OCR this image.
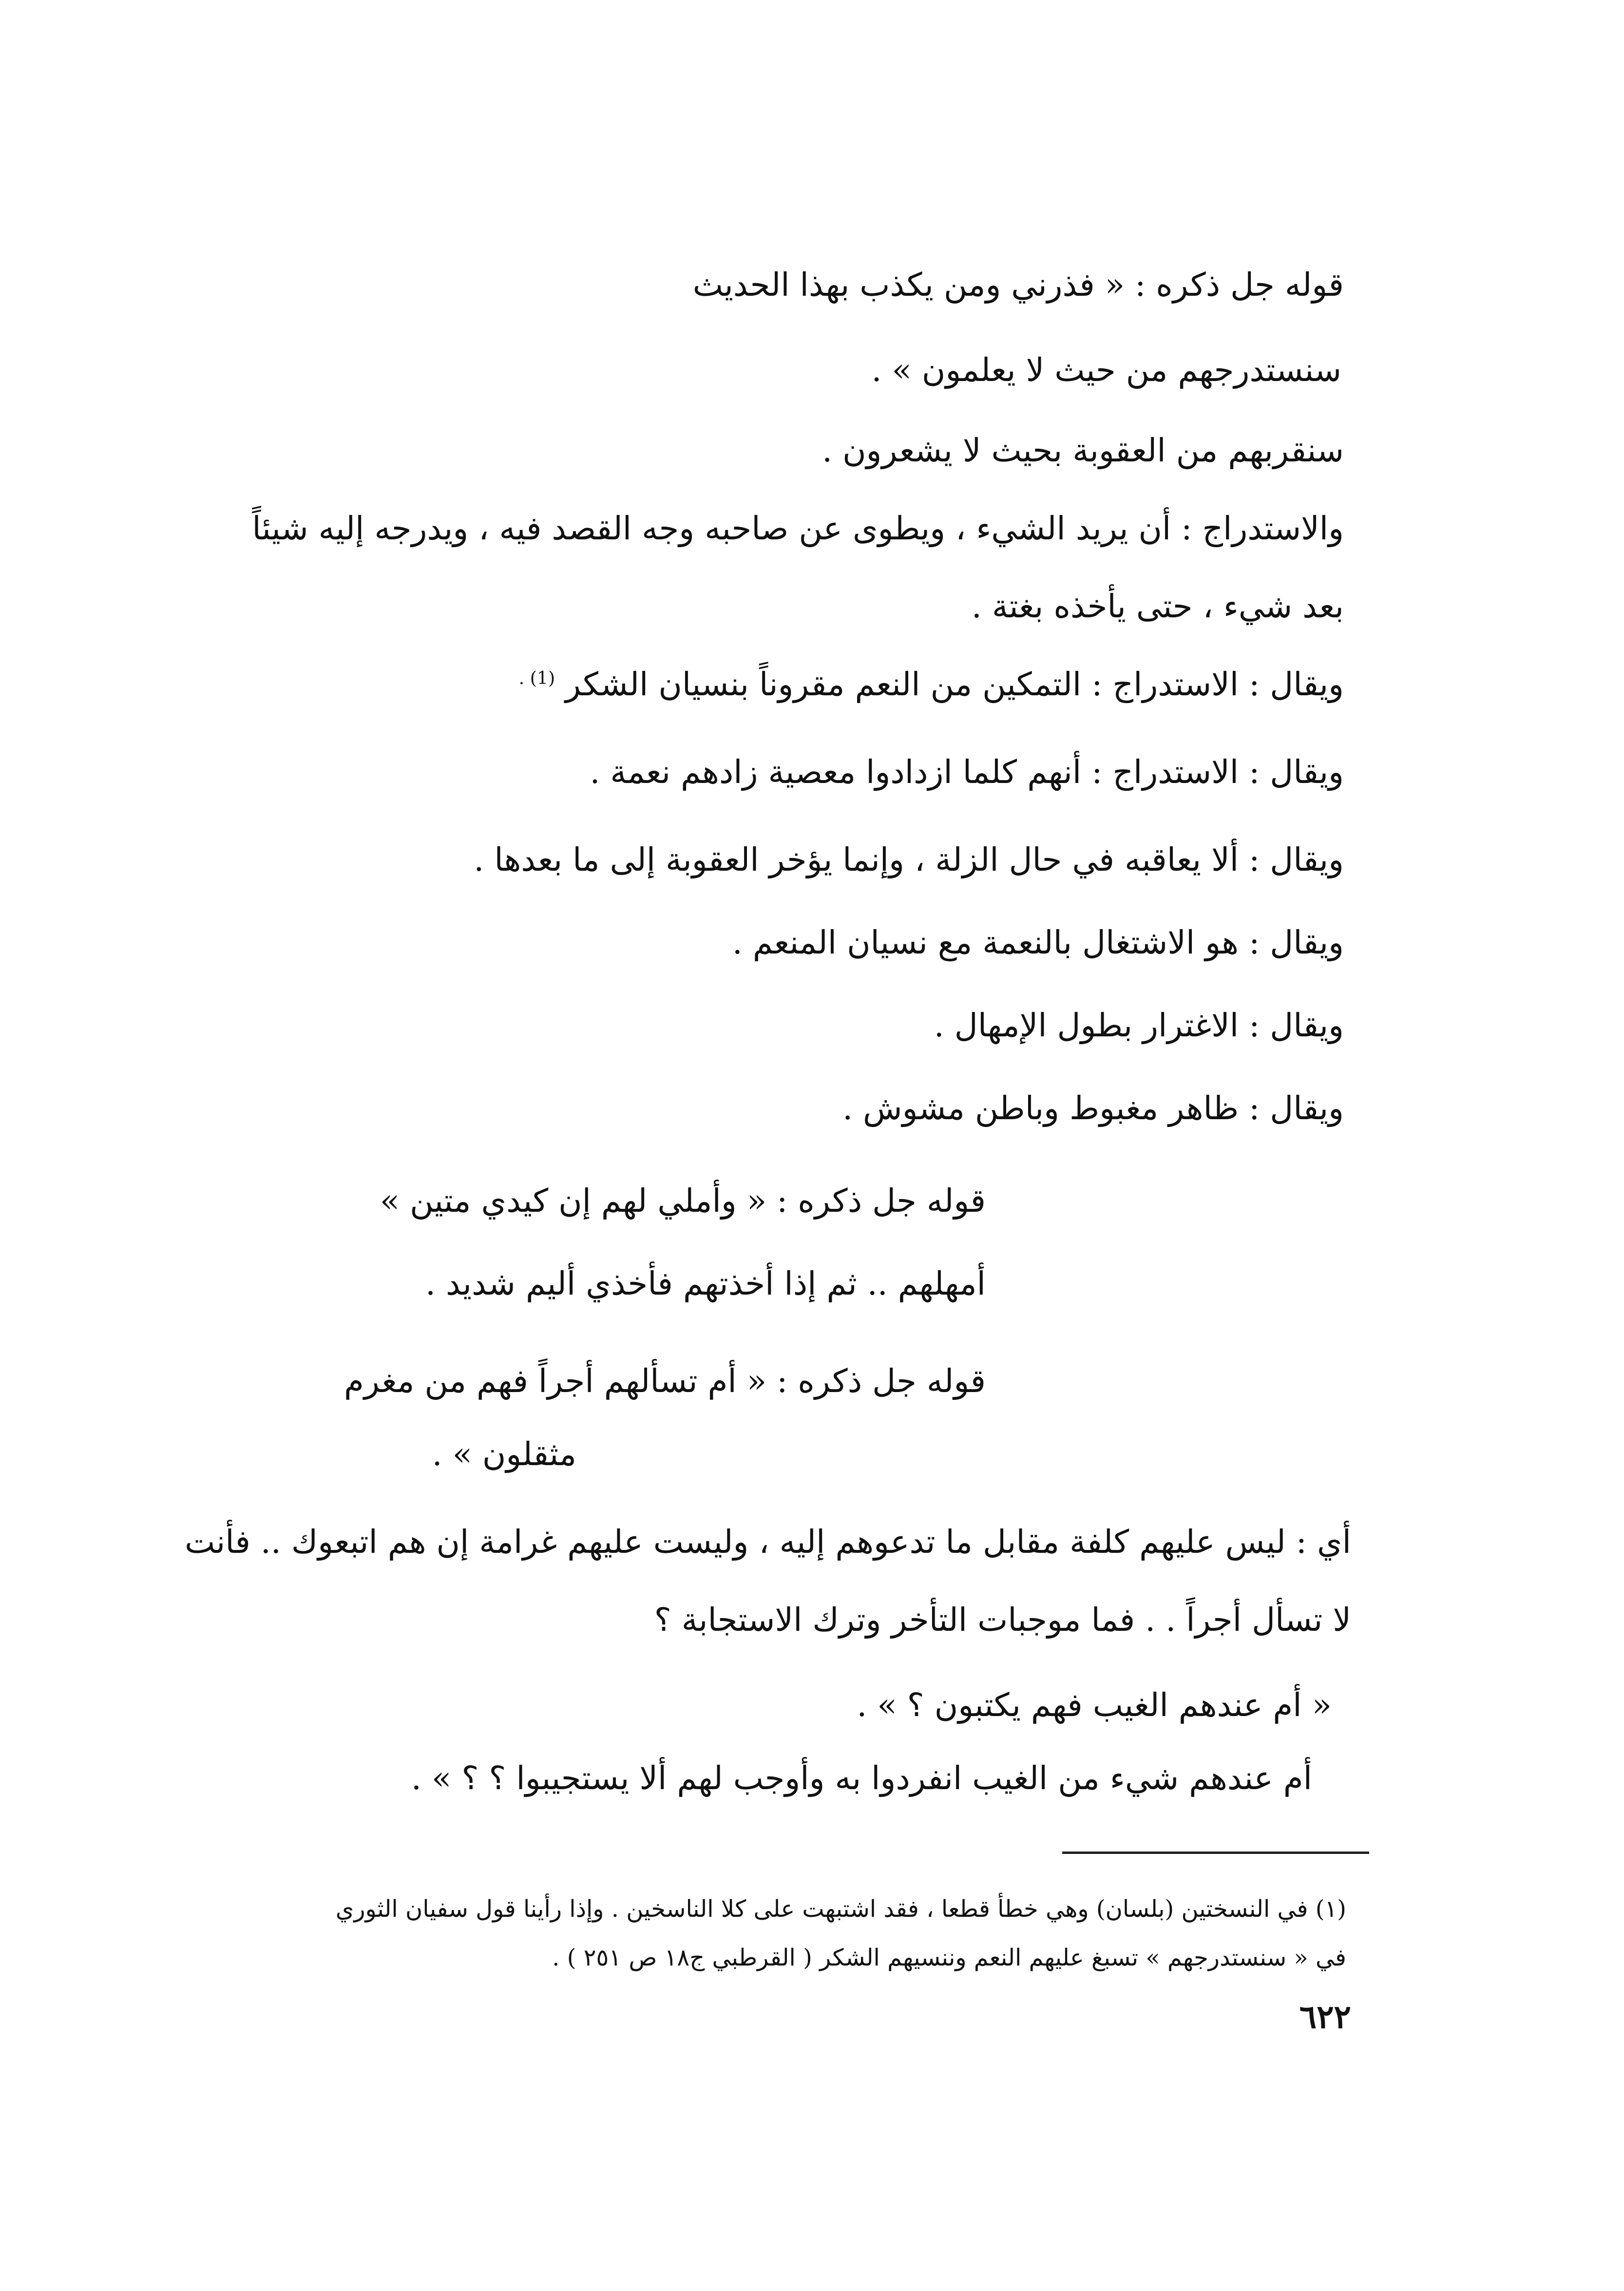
قوله جل ذكره : « فذرني ومن يكذب بهذا الحديث
سنستدرجهم من حيث لا يعلمون » .
سنقربهم من العقوبة بحيث لا يشعرون .
والاستدراج : أن يريد الشيء ، ويطوى عن صاحبه وجه القصد فيه ، ويدرجه إليه شيئاً
بعد شيء ، حتى يأخذه بغتة .
ويقال : الاستدراج : التمكين من النعم مقروناً بنسيان الشكر $^{(1) .}$
ويقال : الاستدراج : أنهم كلما ازدادوا معصية زادهم نعمة .
ويقال : ألا يعاقبه في حال الزلة ، وإنما يؤخر العقوبة إلى ما بعدها .
ويقال : هو الاشتغال بالنعمة مع نسيان المنعم .
ويقال : الاغترار بطول الإمهال .
ويقال : ظاهر مغبوط وباطن مشوش .
قوله جل ذكره : « وأملي لهم إن كيدي متين »
أمهلهم .. ثم إذا أخذتهم فأخذي أليم شديد .
قوله جل ذكره : « أم تسألهم أجراً فهم من مغرم
مثقلون » .
أي : ليس عليهم كلفة مقابل ما تدعوهم إليه ، وليست عليهم غرامة إن هم اتبعوك .. فأنت
لا تسأل أجراً . . فما موجبات التأخر وترك الاستجابة ؟
« أم عندهم الغيب فهم يكتبون ؟ » .
أم عندهم شيء من الغيب انفردوا به وأوجب لهم ألا يستجيبوا ؟ ؟ » .
(١) في النسختين (بلسان) وهي خطأ قطعا ، فقد اشتبهت على كلا الناسخين . وإذا رأينا قول سفيان الثوري
في « سنستدرجهم » تسبغ عليهم النعم وننسيهم الشكر ( القرطبي ج١٨ ص ٢٥١ ) .
٦٢٢
